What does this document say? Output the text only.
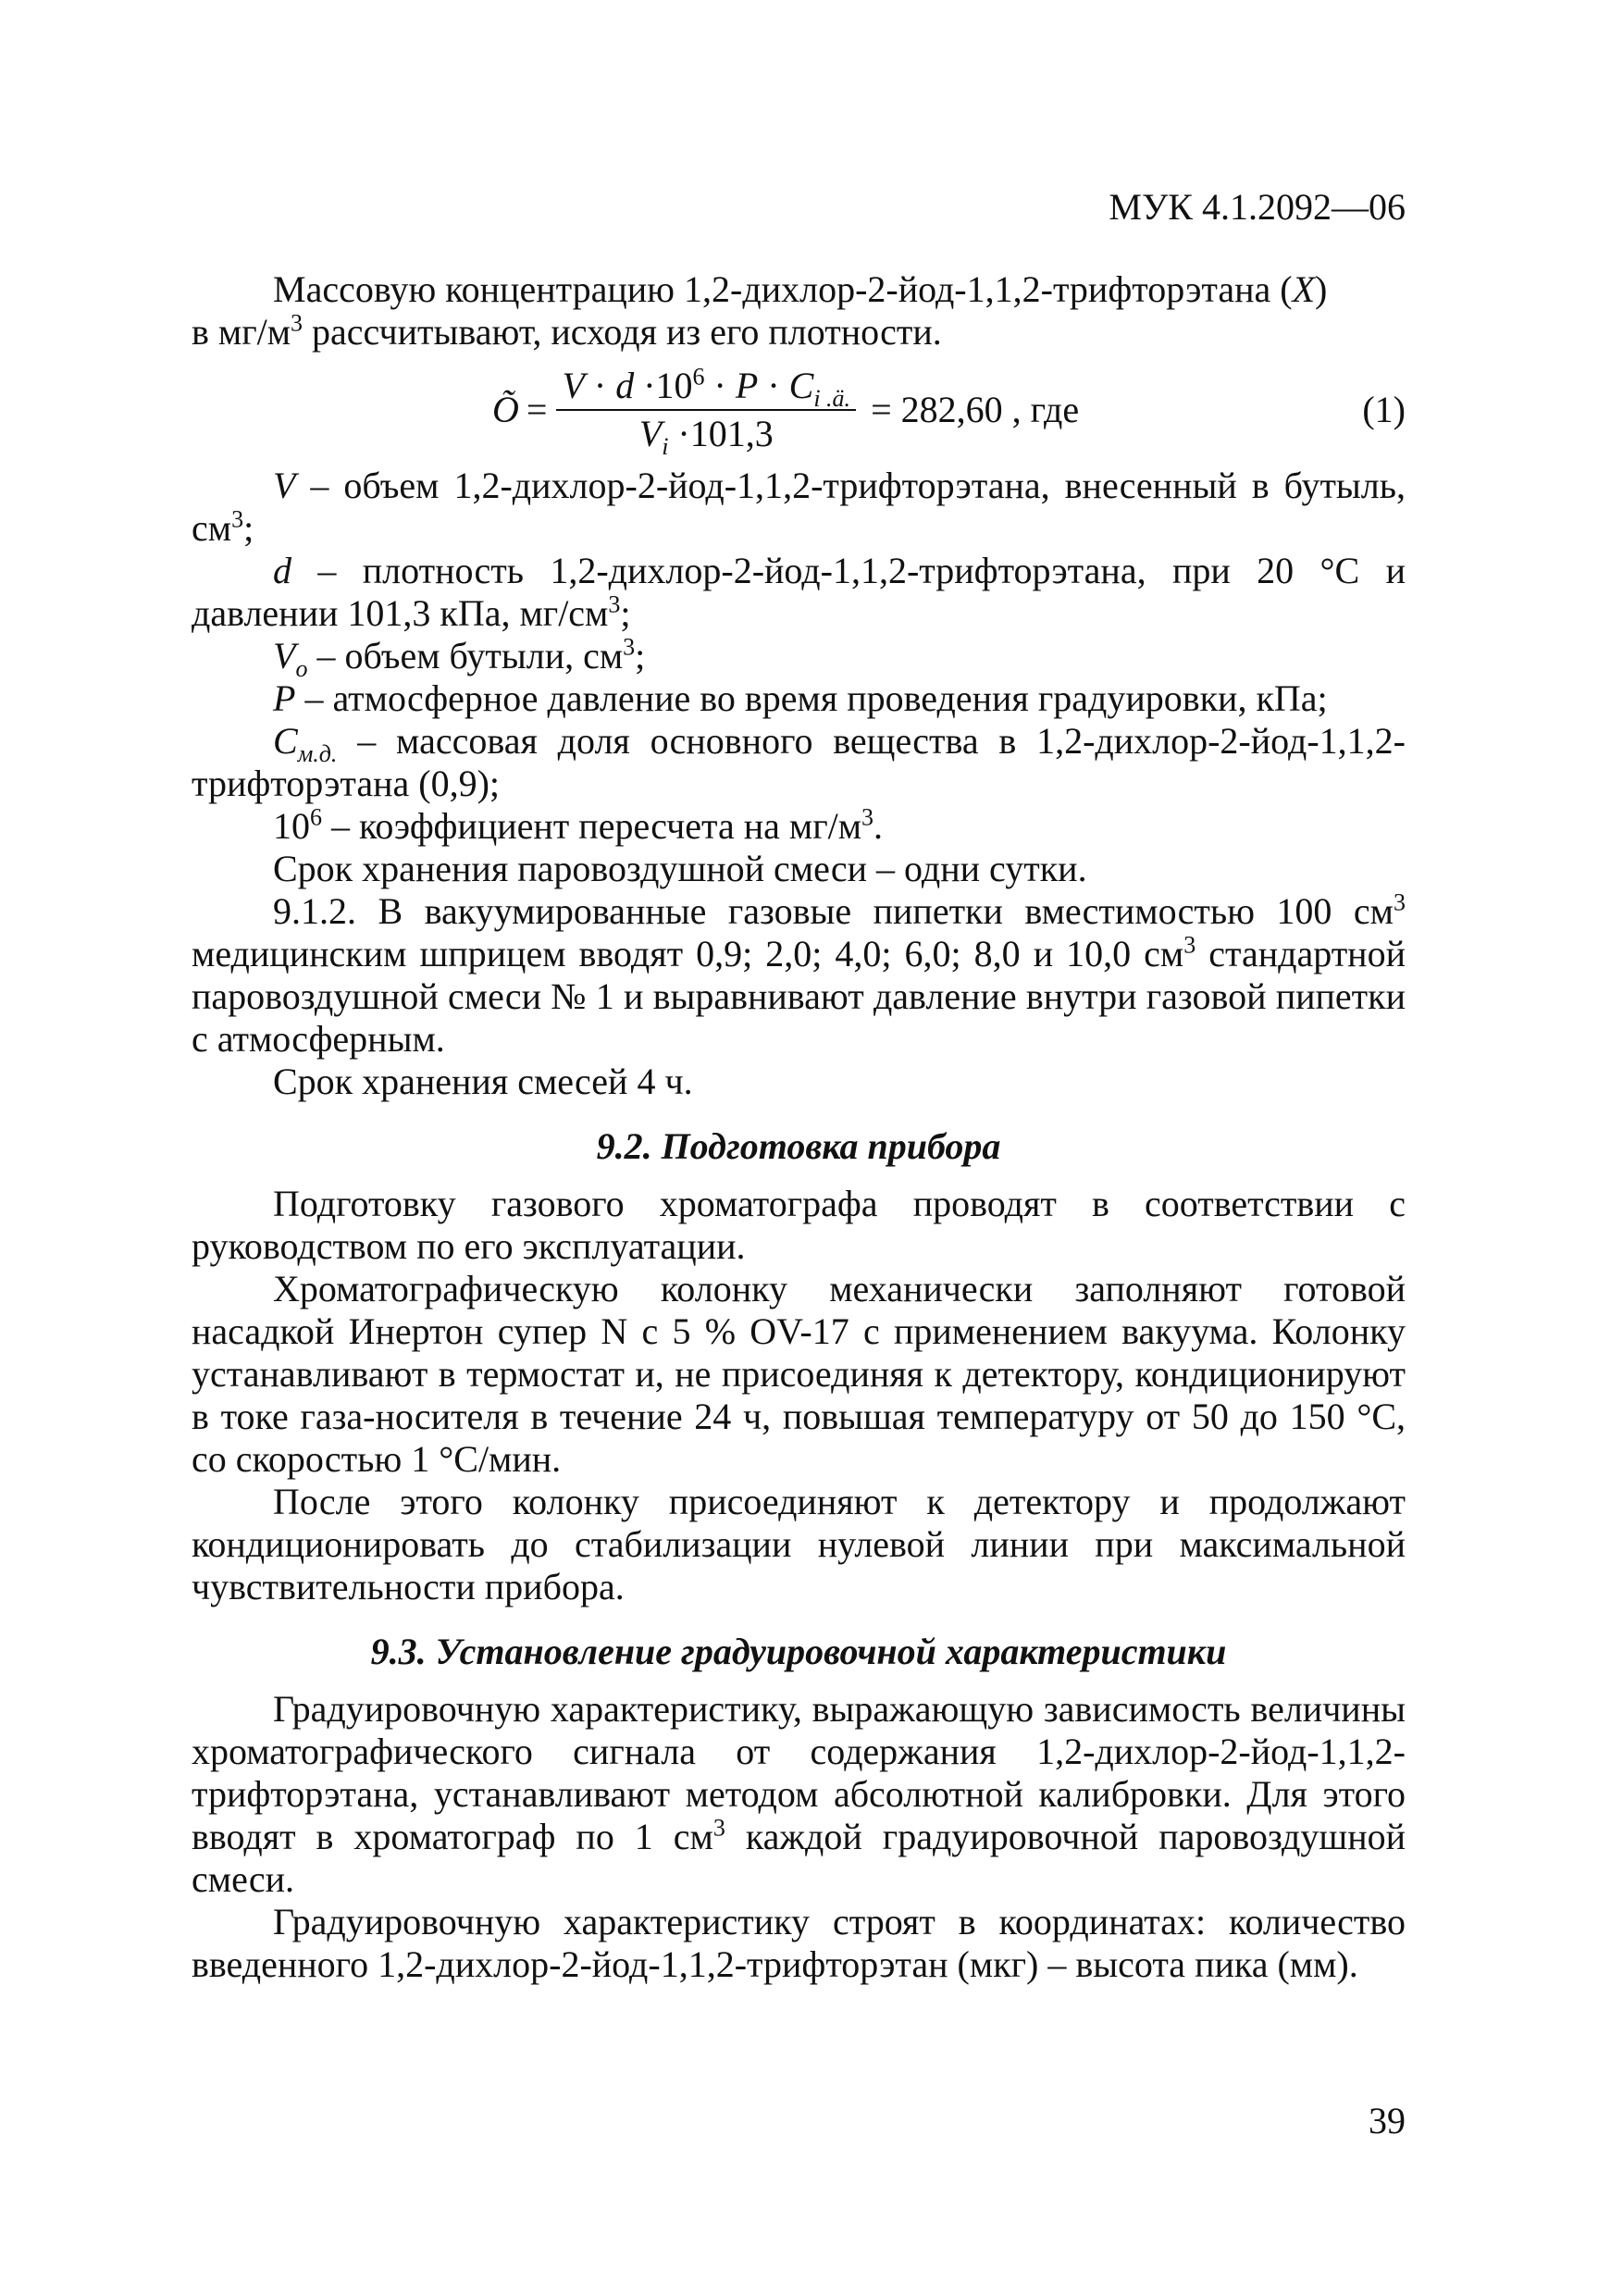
МУК 4.1.2092—06

Массовую концентрацию 1,2-дихлор-2-йод-1,1,2-трифторэтана (X)

в $мг/м^3$ рассчитывают, исходя из его плотности.

Õ = $\frac{V \cdot d \cdot 10^6 \cdot P \cdot C_{i .ä.}}{V_i \cdot 101,3} = 282,60$ , где	(1)

V – объем 1,2-дихлор-2-йод-1,1,2-трифторэтана, внесенный в бутыль, $см^3$;

d – плотность 1,2-дихлор-2-йод-1,1,2-трифторэтана, при 20 °С и давлении 101,3 кПа, $мг/см^3$;

$V_o$ – объем бутыли, $см^3$;

P – атмосферное давление во время проведения градуировки, кПа;

$C_{м.д.}$ – массовая доля основного вещества в 1,2-дихлор-2-йод-1,1,2-трифторэтана (0,9);

$10^6$ – коэффициент пересчета на $мг/м^3$.

Срок хранения паровоздушной смеси – одни сутки.

9.1.2. В вакуумированные газовые пипетки вместимостью 100 $см^3$ медицинским шприцем вводят 0,9; 2,0; 4,0; 6,0; 8,0 и 10,0 $см^3$ стандартной паровоздушной смеси № 1 и выравнивают давление внутри газовой пипетки с атмосферным.

Срок хранения смесей 4 ч.

9.2. Подготовка прибора

Подготовку газового хроматографа проводят в соответствии с руководством по его эксплуатации.

Хроматографическую колонку механически заполняют готовой насадкой Инертон супер N с 5 % OV-17 с применением вакуума. Колонку устанавливают в термостат и, не присоединяя к детектору, кондиционируют в токе газа-носителя в течение 24 ч, повышая температуру от 50 до 150 °С, со скоростью 1 °С/мин.

После этого колонку присоединяют к детектору и продолжают кондиционировать до стабилизации нулевой линии при максимальной чувствительности прибора.

9.3. Установление градуировочной характеристики

Градуировочную характеристику, выражающую зависимость величины хроматографического сигнала от содержания 1,2-дихлор-2-йод-1,1,2-трифторэтана, устанавливают методом абсолютной калибровки. Для этого вводят в хроматограф по 1 $см^3$ каждой градуировочной паровоздушной смеси.

Градуировочную характеристику строят в координатах: количество введенного 1,2-дихлор-2-йод-1,1,2-трифторэтан (мкг) – высота пика (мм).

39
